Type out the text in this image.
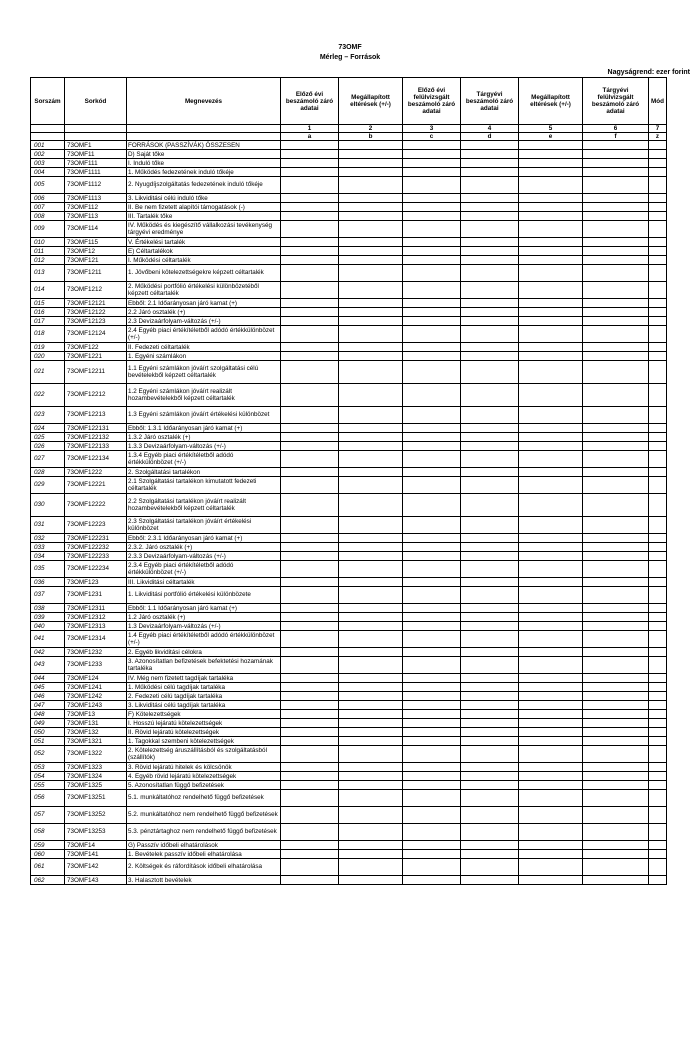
73OMF
Mérleg – Források
Nagyságrend: ezer forint
Sorszám	Sorkód	Megnevezés	Előző évi beszámoló záró adatai	Megállapított eltérések (+/-)	Előző évi felülvizsgált beszámoló záró adatai	Tárgyévi beszámoló záró adatai	Megállapított eltérések (+/-)	Tárgyévi felülvizsgált beszámoló záró adatai	Mód
			1	2	3	4	5	6	7
			a	b	c	d	e	f	z
001	73OMF1	FORRÁSOK (PASSZÍVÁK) ÖSSZESEN							
002	73OMF11	D) Saját tőke							
003	73OMF111	I. Induló tőke							
004	73OMF1111	1. Működés fedezetének induló tőkéje							
005	73OMF1112	2. Nyugdíjszolgáltatás fedezetének induló tőkéje							
006	73OMF1113	3. Likviditási célú induló tőke							
007	73OMF112	II. Be nem fizetett alapítói támogatások (-)							
008	73OMF113	III. Tartalék tőke							
009	73OMF114	IV. Működés és kiegészítő vállalkozási tevékenység tárgyévi eredménye							
010	73OMF115	V. Értékelési tartalék							
011	73OMF12	E) Céltartalékok							
012	73OMF121	I. Működési céltartalék							
013	73OMF1211	1. Jövőbeni kötelezettségekre képzett céltartalék							
014	73OMF1212	2. Működési portfólió értékelési különbözetéből képzett céltartalék							
015	73OMF12121	Ebből: 2.1 Időarányosan járó kamat (+)							
016	73OMF12122	2.2 Járó osztalék (+)							
017	73OMF12123	2.3 Devizaárfolyam-változás (+/-)							
018	73OMF12124	2.4 Egyéb piaci értékítéletből adódó értékkülönbözet (+/-)							
019	73OMF122	II. Fedezeti céltartalék							
020	73OMF1221	1. Egyéni számlákon							
021	73OMF12211	1.1 Egyéni számlákon jóváírt szolgáltatási célú bevételekből képzett céltartalék							
022	73OMF12212	1.2 Egyéni számlákon jóváírt realizált hozambevételekből képzett céltartalék							
023	73OMF12213	1.3 Egyéni számlákon jóváírt értékelési különbözet							
024	73OMF122131	Ebből: 1.3.1 Időarányosan járó kamat (+)							
025	73OMF122132	1.3.2 Járó osztalék (+)							
026	73OMF122133	1.3.3 Devizaárfolyam-változás (+/-)							
027	73OMF122134	1.3.4 Egyéb piaci értékítéletből adódó értékkülönbözet (+/-)							
028	73OMF1222	2. Szolgáltatási tartalékon							
029	73OMF12221	2.1 Szolgáltatási tartalékon kimutatott fedezeti céltartalék							
030	73OMF12222	2.2 Szolgáltatási tartalékon jóváírt realizált hozambevételekből képzett céltartalék							
031	73OMF12223	2.3 Szolgáltatási tartalékon jóváírt értékelési különbözet							
032	73OMF122231	Ebből: 2.3.1 Időarányosan járó kamat (+)							
033	73OMF122232	2.3.2. Járó osztalék (+)							
034	73OMF122233	2.3.3 Devizaárfolyam-változás (+/-)							
035	73OMF122234	2.3.4 Egyéb piaci értékítéletből adódó értékkülönbözet (+/-)							
036	73OMF123	III. Likviditási céltartalék							
037	73OMF1231	1. Likviditási portfólió értékelési különbözete							
038	73OMF12311	Ebből: 1.1 Időarányosan járó kamat (+)							
039	73OMF12312	1.2 Járó osztalék (+)							
040	73OMF12313	1.3 Devizaárfolyam-változás (+/-)							
041	73OMF12314	1.4 Egyéb piaci értékítéletből adódó értékkülönbözet (+/-)							
042	73OMF1232	2. Egyéb likviditási célokra							
043	73OMF1233	3. Azonosítatlan befizetések befektetési hozamának tartaléka							
044	73OMF124	IV. Még nem fizetett tagdíjak tartaléka							
045	73OMF1241	1. Működési célú tagdíjak tartaléka							
046	73OMF1242	2. Fedezeti célú tagdíjak tartaléka							
047	73OMF1243	3. Likviditási célú tagdíjak tartaléka							
048	73OMF13	F) Kötelezettségek							
049	73OMF131	I. Hosszú lejáratú kötelezettségek							
050	73OMF132	II. Rövid lejáratú kötelezettségek							
051	73OMF1321	1. Tagokkal szembeni kötelezettségek							
052	73OMF1322	2. Kötelezettség áruszállításból és szolgáltatásból (szállítók)							
053	73OMF1323	3. Rövid lejáratú hitelek és kölcsönök							
054	73OMF1324	4. Egyéb rövid lejáratú kötelezettségek							
055	73OMF1325	5. Azonosítatlan függő befizetések							
056	73OMF13251	5.1. munkáltatóhoz rendelhető függő befizetések							
057	73OMF13252	5.2. munkáltatóhoz nem rendelhető függő befizetések							
058	73OMF13253	5.3. pénztártaghoz nem rendelhető függő befizetések							
059	73OMF14	G) Passzív időbeli elhatárolások							
060	73OMF141	1. Bevételek passzív időbeli elhatárolása							
061	73OMF142	2. Költségek és ráfordítások időbeli elhatárolása							
062	73OMF143	3. Halasztott bevételek							
